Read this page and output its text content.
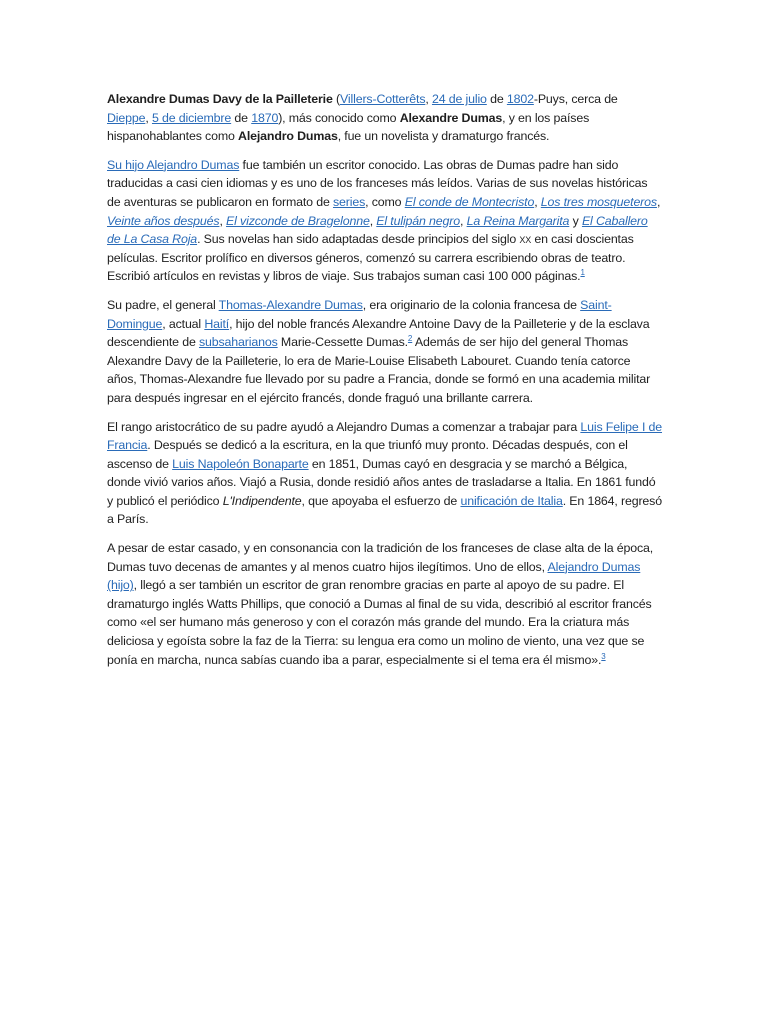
Alexandre Dumas Davy de la Pailleterie (Villers-Cotterêts, 24 de julio de 1802-Puys, cerca de Dieppe, 5 de diciembre de 1870), más conocido como Alexandre Dumas, y en los países hispanohablantes como Alejandro Dumas, fue un novelista y dramaturgo francés.

Su hijo Alejandro Dumas fue también un escritor conocido. Las obras de Dumas padre han sido traducidas a casi cien idiomas y es uno de los franceses más leídos. Varias de sus novelas históricas de aventuras se publicaron en formato de series, como El conde de Montecristo, Los tres mosqueteros, Veinte años después, El vizconde de Bragelonne, El tulipán negro, La Reina Margarita y El Caballero de La Casa Roja. Sus novelas han sido adaptadas desde principios del siglo xx en casi doscientas películas. Escritor prolífico en diversos géneros, comenzó su carrera escribiendo obras de teatro. Escribió artículos en revistas y libros de viaje. Sus trabajos suman casi 100 000 páginas.$^1$

Su padre, el general Thomas-Alexandre Dumas, era originario de la colonia francesa de Saint-Domingue, actual Haití, hijo del noble francés Alexandre Antoine Davy de la Pailleterie y de la esclava descendiente de subsaharianos Marie-Cessette Dumas.$^2$ Además de ser hijo del general Thomas Alexandre Davy de la Pailleterie, lo era de Marie-Louise Elisabeth Labouret. Cuando tenía catorce años, Thomas-Alexandre fue llevado por su padre a Francia, donde se formó en una academia militar para después ingresar en el ejército francés, donde fraguó una brillante carrera.

El rango aristocrático de su padre ayudó a Alejandro Dumas a comenzar a trabajar para Luis Felipe I de Francia. Después se dedicó a la escritura, en la que triunfó muy pronto. Décadas después, con el ascenso de Luis Napoleón Bonaparte en 1851, Dumas cayó en desgracia y se marchó a Bélgica, donde vivió varios años. Viajó a Rusia, donde residió años antes de trasladarse a Italia. En 1861 fundó y publicó el periódico L'Indipendente, que apoyaba el esfuerzo de unificación de Italia. En 1864, regresó a París.

A pesar de estar casado, y en consonancia con la tradición de los franceses de clase alta de la época, Dumas tuvo decenas de amantes y al menos cuatro hijos ilegítimos. Uno de ellos, Alejandro Dumas (hijo), llegó a ser también un escritor de gran renombre gracias en parte al apoyo de su padre. El dramaturgo inglés Watts Phillips, que conoció a Dumas al final de su vida, describió al escritor francés como «el ser humano más generoso y con el corazón más grande del mundo. Era la criatura más deliciosa y egoísta sobre la faz de la Tierra: su lengua era como un molino de viento, una vez que se ponía en marcha, nunca sabías cuando iba a parar, especialmente si el tema era él mismo».$^3$
